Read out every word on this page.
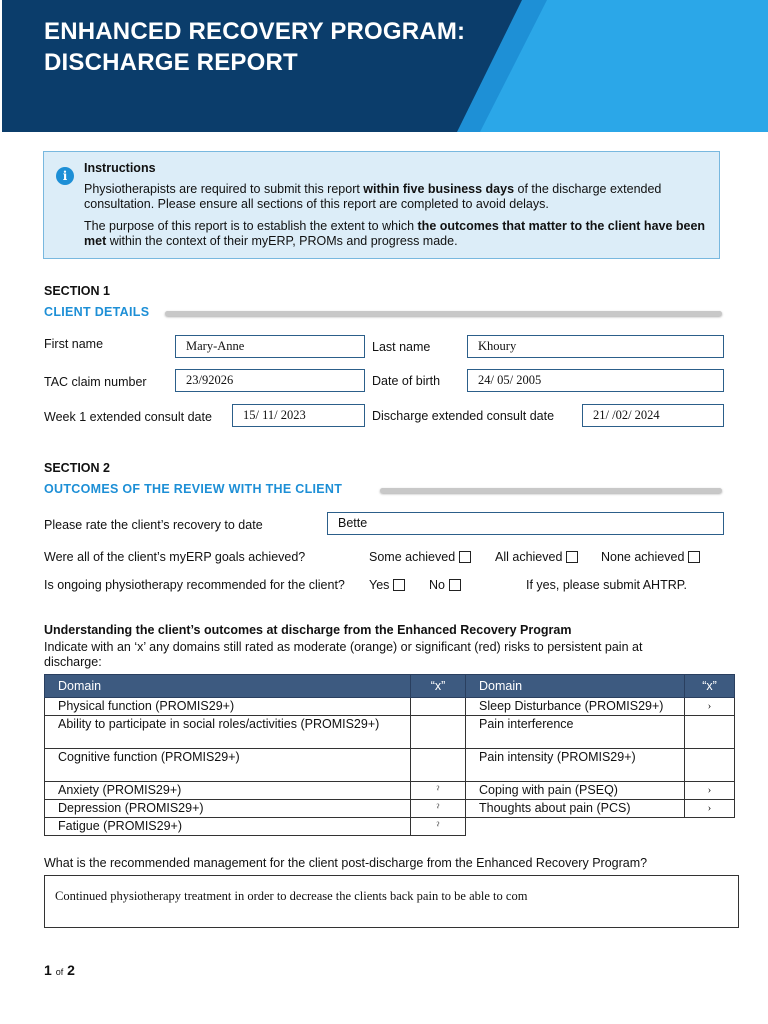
ENHANCED RECOVERY PROGRAM:
DISCHARGE REPORT
i
Instructions
Physiotherapists are required to submit this report within five business days of the discharge extended consultation. Please ensure all sections of this report are completed to avoid delays.
The purpose of this report is to establish the extent to which the outcomes that matter to the client have been met within the context of their myERP, PROMs and progress made.
SECTION 1
CLIENT DETAILS
First name	Mary-Anne	Last name	Khoury
TAC claim number	23/92026	Date of birth	24/ 05/ 2005
Week 1 extended consult date	15/ 11/ 2023	Discharge extended consult date	21/ /02/ 2024
SECTION 2
OUTCOMES OF THE REVIEW WITH THE CLIENT
Please rate the client’s recovery to date	Bette
Were all of the client’s myERP goals achieved?	Some achieved	All achieved	None achieved
Is ongoing physiotherapy recommended for the client? Yes	No	If yes, please submit AHTRP.
Understanding the client’s outcomes at discharge from the Enhanced Recovery Program
Indicate with an ‘x’ any domains still rated as moderate (orange) or significant (red) risks to persistent pain at discharge:
Domain	“x”	Domain	“x”
Physical function (PROMIS29+)		Sleep Disturbance (PROMIS29+)	›
Ability to participate in social roles/activities (PROMIS29+)		Pain interference	
Cognitive function (PROMIS29+)		Pain intensity (PROMIS29+)	
Anxiety (PROMIS29+)	ˀ	Coping with pain (PSEQ)	›
Depression (PROMIS29+)	ˀ	Thoughts about pain (PCS)	›
Fatigue (PROMIS29+)	ˀ		
What is the recommended management for the client post-discharge from the Enhanced Recovery Program?
Continued physiotherapy treatment in order to decrease the clients back pain to be able to com
1 of 2
